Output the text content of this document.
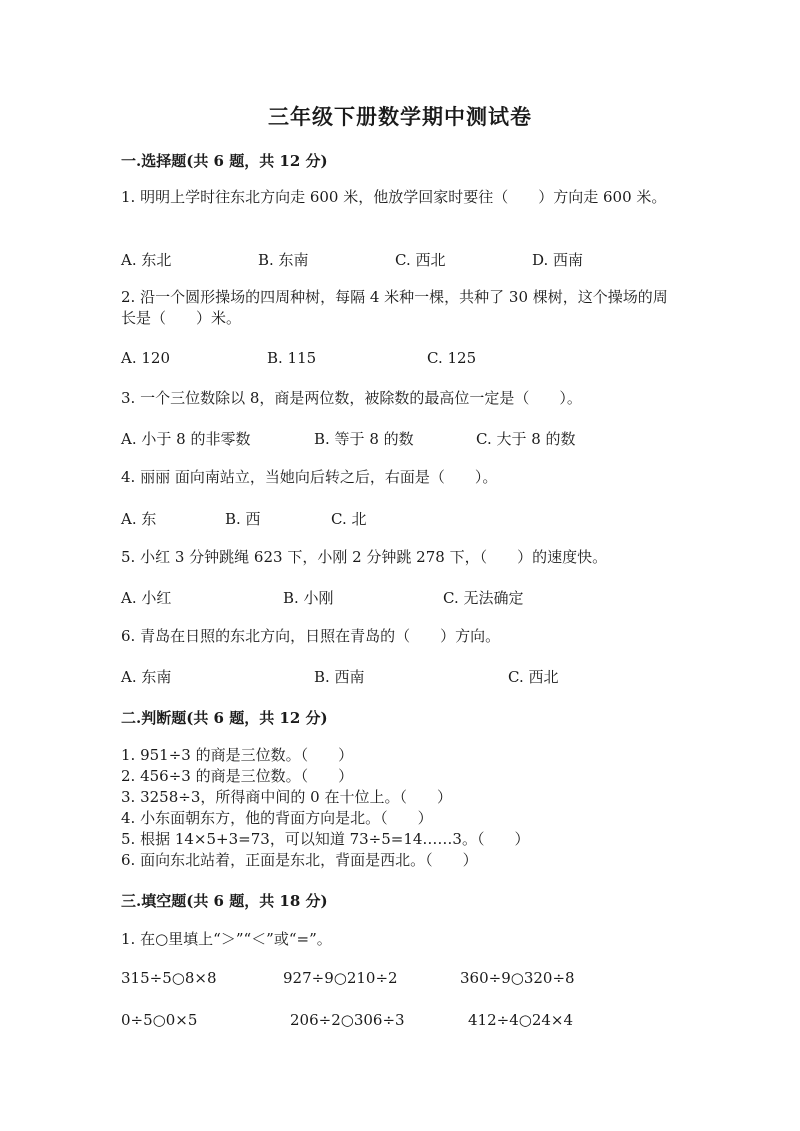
三年级下册数学期中测试卷
一.选择题(共 6 题，共 12 分)
1. 明明上学时往东北方向走 600 米，他放学回家时要往（　　）方向走 600 米。
A. 东北	B. 东南	C. 西北	D. 西南
2. 沿一个圆形操场的四周种树，每隔 4 米种一棵，共种了 30 棵树，这个操场的周长是（　　）米。
A. 120	B. 115	C. 125
3. 一个三位数除以 8，商是两位数，被除数的最高位一定是（　　）。
A. 小于 8 的非零数	B. 等于 8 的数	C. 大于 8 的数
4. 丽丽 面向南站立，当她向后转之后，右面是（　　）。
A. 东	B. 西	C. 北
5. 小红 3 分钟跳绳 623 下，小刚 2 分钟跳 278 下，（　　）的速度快。
A. 小红	B. 小刚	C. 无法确定
6. 青岛在日照的东北方向，日照在青岛的（　　）方向。
A. 东南	B. 西南	C. 西北
二.判断题(共 6 题，共 12 分)
1. 951÷3 的商是三位数。（　　）
2. 456÷3 的商是三位数。（　　）
3. 3258÷3，所得商中间的 0 在十位上。（　　）
4. 小东面朝东方，他的背面方向是北。（　　）
5. 根据 14×5+3=73，可以知道 73÷5=14……3。（　　）
6. 面向东北站着，正面是东北，背面是西北。（　　）
三.填空题(共 6 题，共 18 分)
1. 在○里填上“＞”“＜”或“=”。
315÷5○8×8	927÷9○210÷2	360÷9○320÷8
0÷5○0×5	206÷2○306÷3	412÷4○24×4
